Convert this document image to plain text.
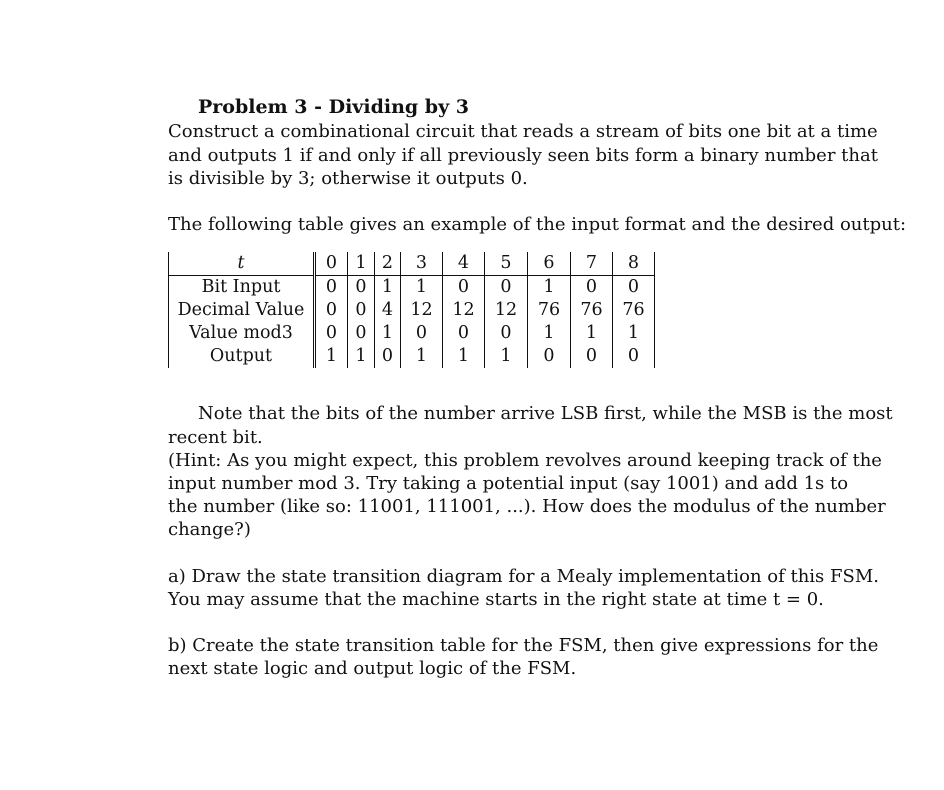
Problem 3 - Dividing by 3
Construct a combinational circuit that reads a stream of bits one bit at a time
and outputs 1 if and only if all previously seen bits form a binary number that
is divisible by 3; otherwise it outputs 0.
The following table gives an example of the input format and the desired output:
t	0	1	2	3	4	5	6	7	8
Bit Input	0	0	1	1	0	0	1	0	0
Decimal Value	0	0	4	12	12	12	76	76	76
Value mod3	0	0	1	0	0	0	1	1	1
Output	1	1	0	1	1	1	0	0	0
Note that the bits of the number arrive LSB first, while the MSB is the most
recent bit.
(Hint: As you might expect, this problem revolves around keeping track of the
input number mod 3. Try taking a potential input (say 1001) and add 1s to
the number (like so: 11001, 111001, ...). How does the modulus of the number
change?)
a) Draw the state transition diagram for a Mealy implementation of this FSM.
You may assume that the machine starts in the right state at time t = 0.
b) Create the state transition table for the FSM, then give expressions for the
next state logic and output logic of the FSM.
